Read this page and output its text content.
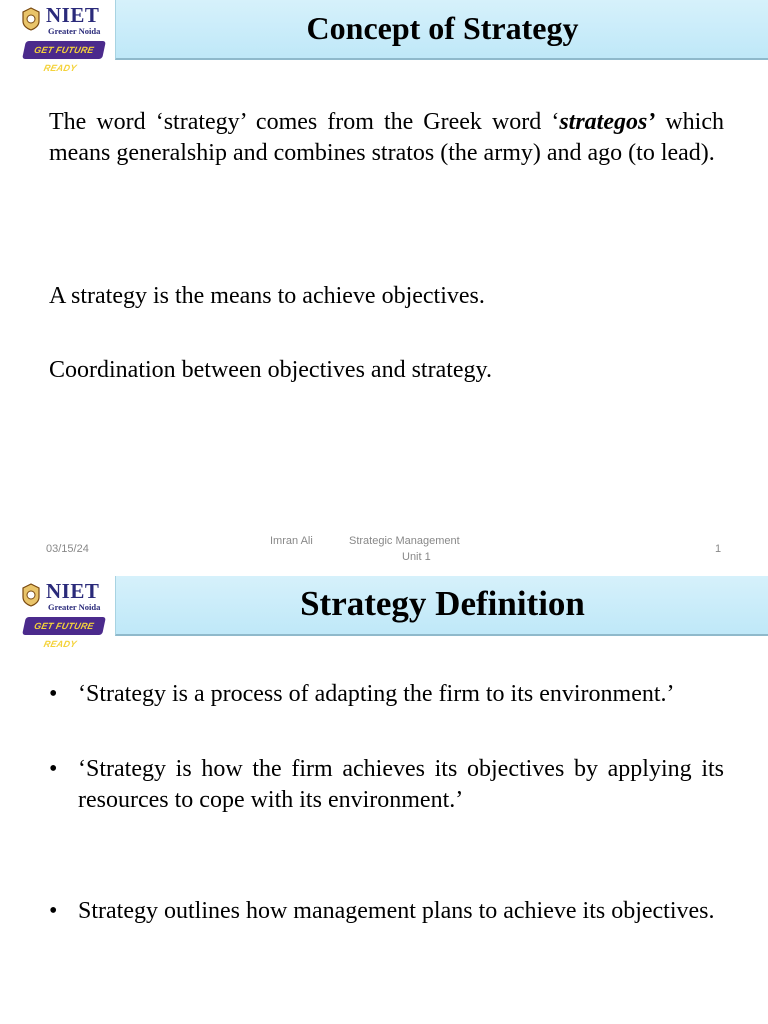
NIET
Greater Noida
GET FUTURE READY
Concept of Strategy
The word ‘strategy’ comes from the Greek word ‘strategos’ which means generalship and combines stratos (the army) and ago (to lead).
A strategy is the means to achieve objectives.
Coordination between objectives and strategy.
03/15/24
Imran Ali	Strategic Management
Unit 1
1
NIET
Greater Noida
GET FUTURE READY
Strategy Definition
• ‘Strategy is a process of adapting the firm to its environment.’
• ‘Strategy is how the firm achieves its objectives by applying its resources to cope with its environment.’
• Strategy outlines how management plans to achieve its objectives.
